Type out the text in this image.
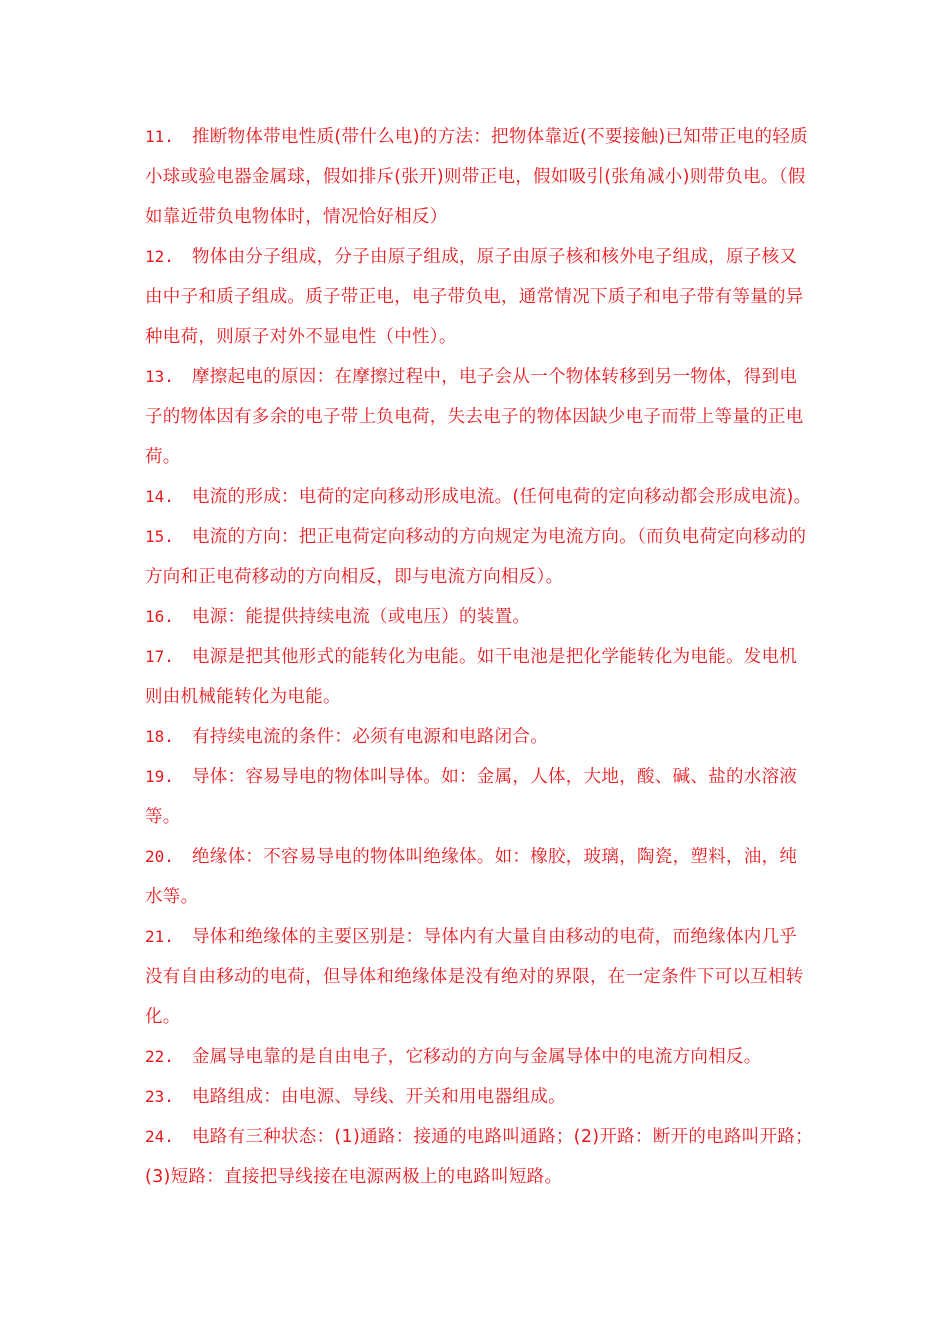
11. 推断物体带电性质(带什么电)的方法：把物体靠近(不要接触)已知带正电的轻质小球或验电器金属球，假如排斥(张开)则带正电，假如吸引(张角减小)则带负电。（假如靠近带负电物体时，情况恰好相反）

12. 物体由分子组成，分子由原子组成，原子由原子核和核外电子组成，原子核又由中子和质子组成。质子带正电，电子带负电，通常情况下质子和电子带有等量的异种电荷，则原子对外不显电性（中性）。

13. 摩擦起电的原因：在摩擦过程中，电子会从一个物体转移到另一物体，得到电子的物体因有多余的电子带上负电荷，失去电子的物体因缺少电子而带上等量的正电荷。

14. 电流的形成：电荷的定向移动形成电流。(任何电荷的定向移动都会形成电流)。

15. 电流的方向：把正电荷定向移动的方向规定为电流方向。（而负电荷定向移动的方向和正电荷移动的方向相反，即与电流方向相反）。

16. 电源：能提供持续电流（或电压）的装置。

17. 电源是把其他形式的能转化为电能。如干电池是把化学能转化为电能。发电机则由机械能转化为电能。

18. 有持续电流的条件：必须有电源和电路闭合。

19. 导体：容易导电的物体叫导体。如：金属，人体，大地，酸、碱、盐的水溶液等。

20. 绝缘体：不容易导电的物体叫绝缘体。如：橡胶，玻璃，陶瓷，塑料，油，纯水等。

21. 导体和绝缘体的主要区别是：导体内有大量自由移动的电荷，而绝缘体内几乎没有自由移动的电荷，但导体和绝缘体是没有绝对的界限，在一定条件下可以互相转化。

22. 金属导电靠的是自由电子，它移动的方向与金属导体中的电流方向相反。

23. 电路组成：由电源、导线、开关和用电器组成。

24. 电路有三种状态：(1)通路：接通的电路叫通路；(2)开路：断开的电路叫开路；(3)短路：直接把导线接在电源两极上的电路叫短路。
